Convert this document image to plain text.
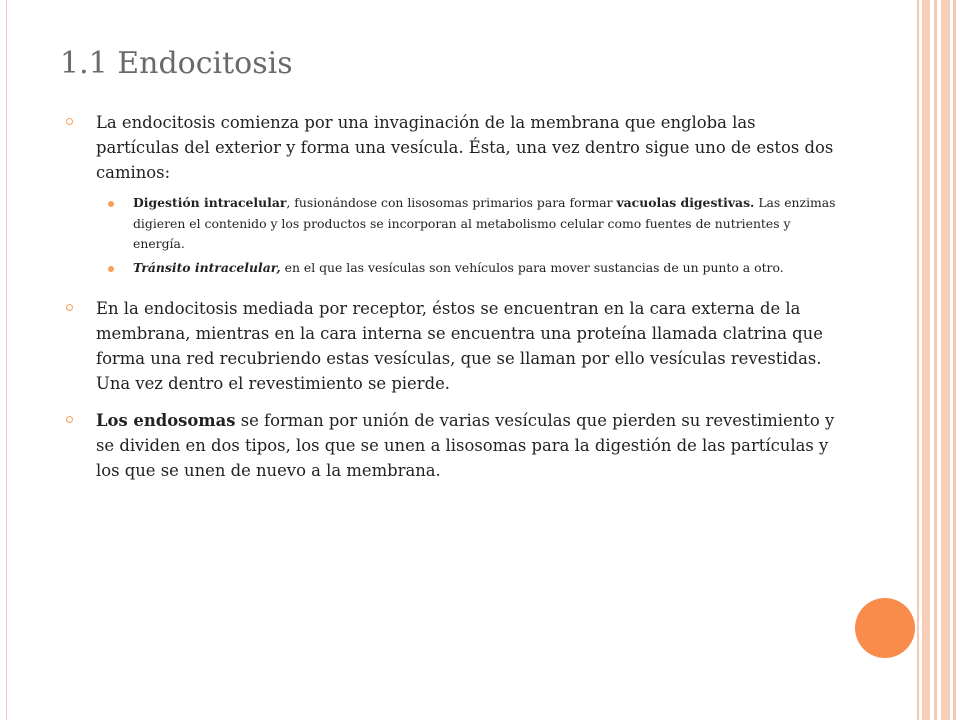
1.1 Endocitosis
La endocitosis comienza por una invaginación de la membrana que engloba las partículas del exterior y forma una vesícula. Ésta, una vez dentro sigue uno de estos dos caminos:
Digestión intracelular, fusionándose con lisosomas primarios para formar vacuolas digestivas. Las enzimas digieren el contenido y los productos se incorporan al metabolismo celular como fuentes de nutrientes y energía.
Tránsito intracelular, en el que las vesículas son vehículos para mover sustancias de un punto a otro.
En la endocitosis mediada por receptor, éstos se encuentran en la cara externa de la membrana, mientras en la cara interna se encuentra una proteína llamada clatrina que forma una red recubriendo estas vesículas, que se llaman por ello vesículas revestidas. Una vez dentro el revestimiento se pierde.
Los endosomas se forman por unión de varias vesículas que pierden su revestimiento y se dividen en dos tipos, los que se unen a lisosomas para la digestión de las partículas y los que se unen de nuevo a la membrana.
